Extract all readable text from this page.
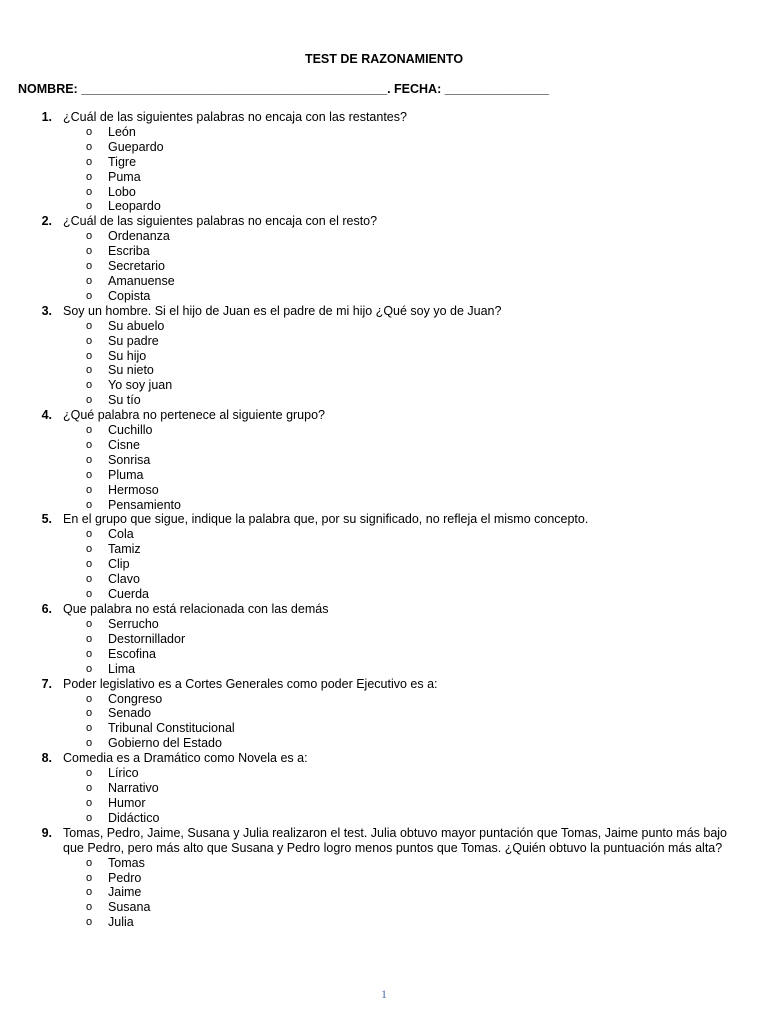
TEST DE RAZONAMIENTO
NOMBRE: ____________________________________________. FECHA: _______________
1. ¿Cuál de las siguientes palabras no encaja con las restantes?
o León
o Guepardo
o Tigre
o Puma
o Lobo
o Leopardo
2. ¿Cuál de las siguientes palabras no encaja con el resto?
o Ordenanza
o Escriba
o Secretario
o Amanuense
o Copista
3. Soy un hombre. Si el hijo de Juan es el padre de mi hijo ¿Qué soy yo de Juan?
o Su abuelo
o Su padre
o Su hijo
o Su nieto
o Yo soy juan
o Su tío
4. ¿Qué palabra no pertenece al siguiente grupo?
o Cuchillo
o Cisne
o Sonrisa
o Pluma
o Hermoso
o Pensamiento
5. En el grupo que sigue, indique la palabra que, por su significado, no refleja el mismo concepto.
o Cola
o Tamiz
o Clip
o Clavo
o Cuerda
6. Que palabra no está relacionada con las demás
o Serrucho
o Destornillador
o Escofina
o Lima
7. Poder legislativo es a Cortes Generales como poder Ejecutivo es a:
o Congreso
o Senado
o Tribunal Constitucional
o Gobierno del Estado
8. Comedia es a Dramático como Novela es a:
o Lírico
o Narrativo
o Humor
o Didáctico
9. Tomas, Pedro, Jaime, Susana y Julia realizaron el test. Julia obtuvo mayor puntación que Tomas, Jaime punto más bajo que Pedro, pero más alto que Susana y Pedro logro menos puntos que Tomas. ¿Quién obtuvo la puntuación más alta?
o Tomas
o Pedro
o Jaime
o Susana
o Julia
1
